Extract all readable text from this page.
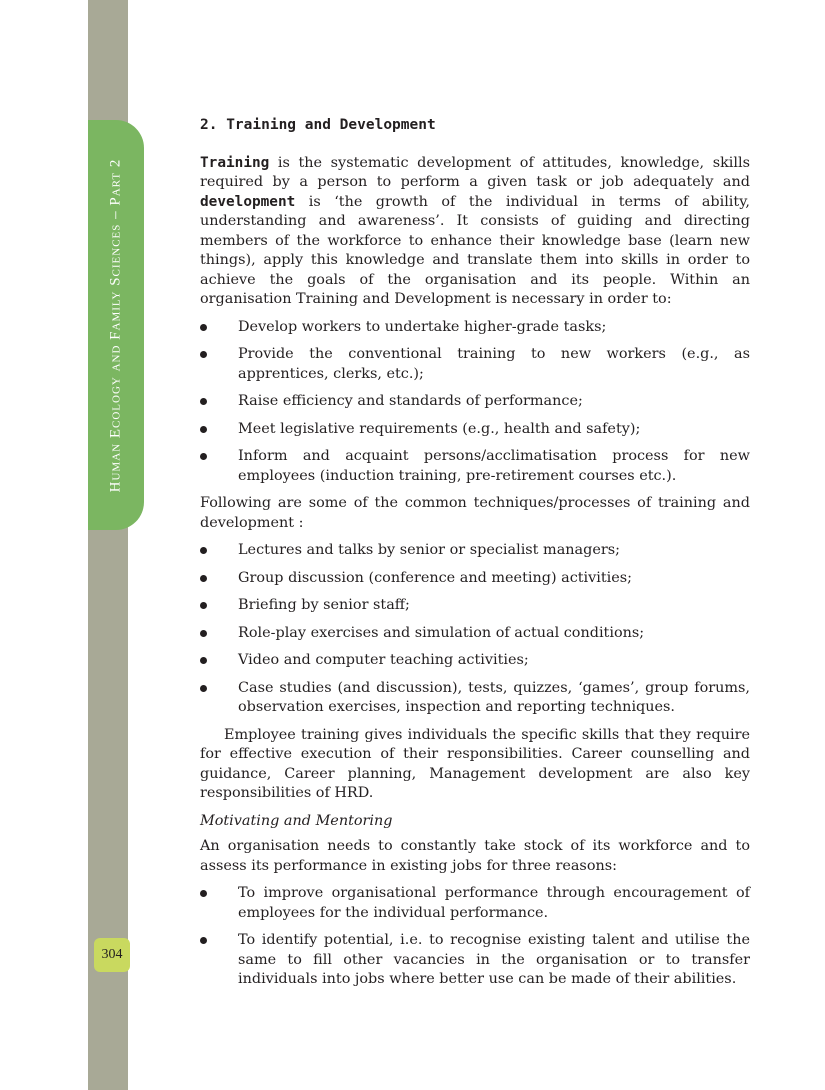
Human Ecology and Family Sciences – Part 2
304
2. Training and Development

Training is the systematic development of attitudes, knowledge, skills required by a person to perform a given task or job adequately and development is ‘the growth of the individual in terms of ability, understanding and awareness’. It consists of guiding and directing members of the workforce to enhance their knowledge base (learn new things), apply this knowledge and translate them into skills in order to achieve the goals of the organisation and its people. Within an organisation Training and Development is necessary in order to:

Develop workers to undertake higher-grade tasks;
Provide the conventional training to new workers (e.g., as apprentices, clerks, etc.);
Raise efficiency and standards of performance;
Meet legislative requirements (e.g., health and safety);
Inform and acquaint persons/acclimatisation process for new employees (induction training, pre-retirement courses etc.).

Following are some of the common techniques/processes of training and development :

Lectures and talks by senior or specialist managers;
Group discussion (conference and meeting) activities;
Briefing by senior staff;
Role-play exercises and simulation of actual conditions;
Video and computer teaching activities;
Case studies (and discussion), tests, quizzes, ‘games’, group forums, observation exercises, inspection and reporting techniques.

Employee training gives individuals the specific skills that they require for effective execution of their responsibilities. Career counselling and guidance, Career planning, Management development are also key responsibilities of HRD.

Motivating and Mentoring

An organisation needs to constantly take stock of its workforce and to assess its performance in existing jobs for three reasons:

To improve organisational performance through encouragement of employees for the individual performance.
To identify potential, i.e. to recognise existing talent and utilise the same to fill other vacancies in the organisation or to transfer individuals into jobs where better use can be made of their abilities.
